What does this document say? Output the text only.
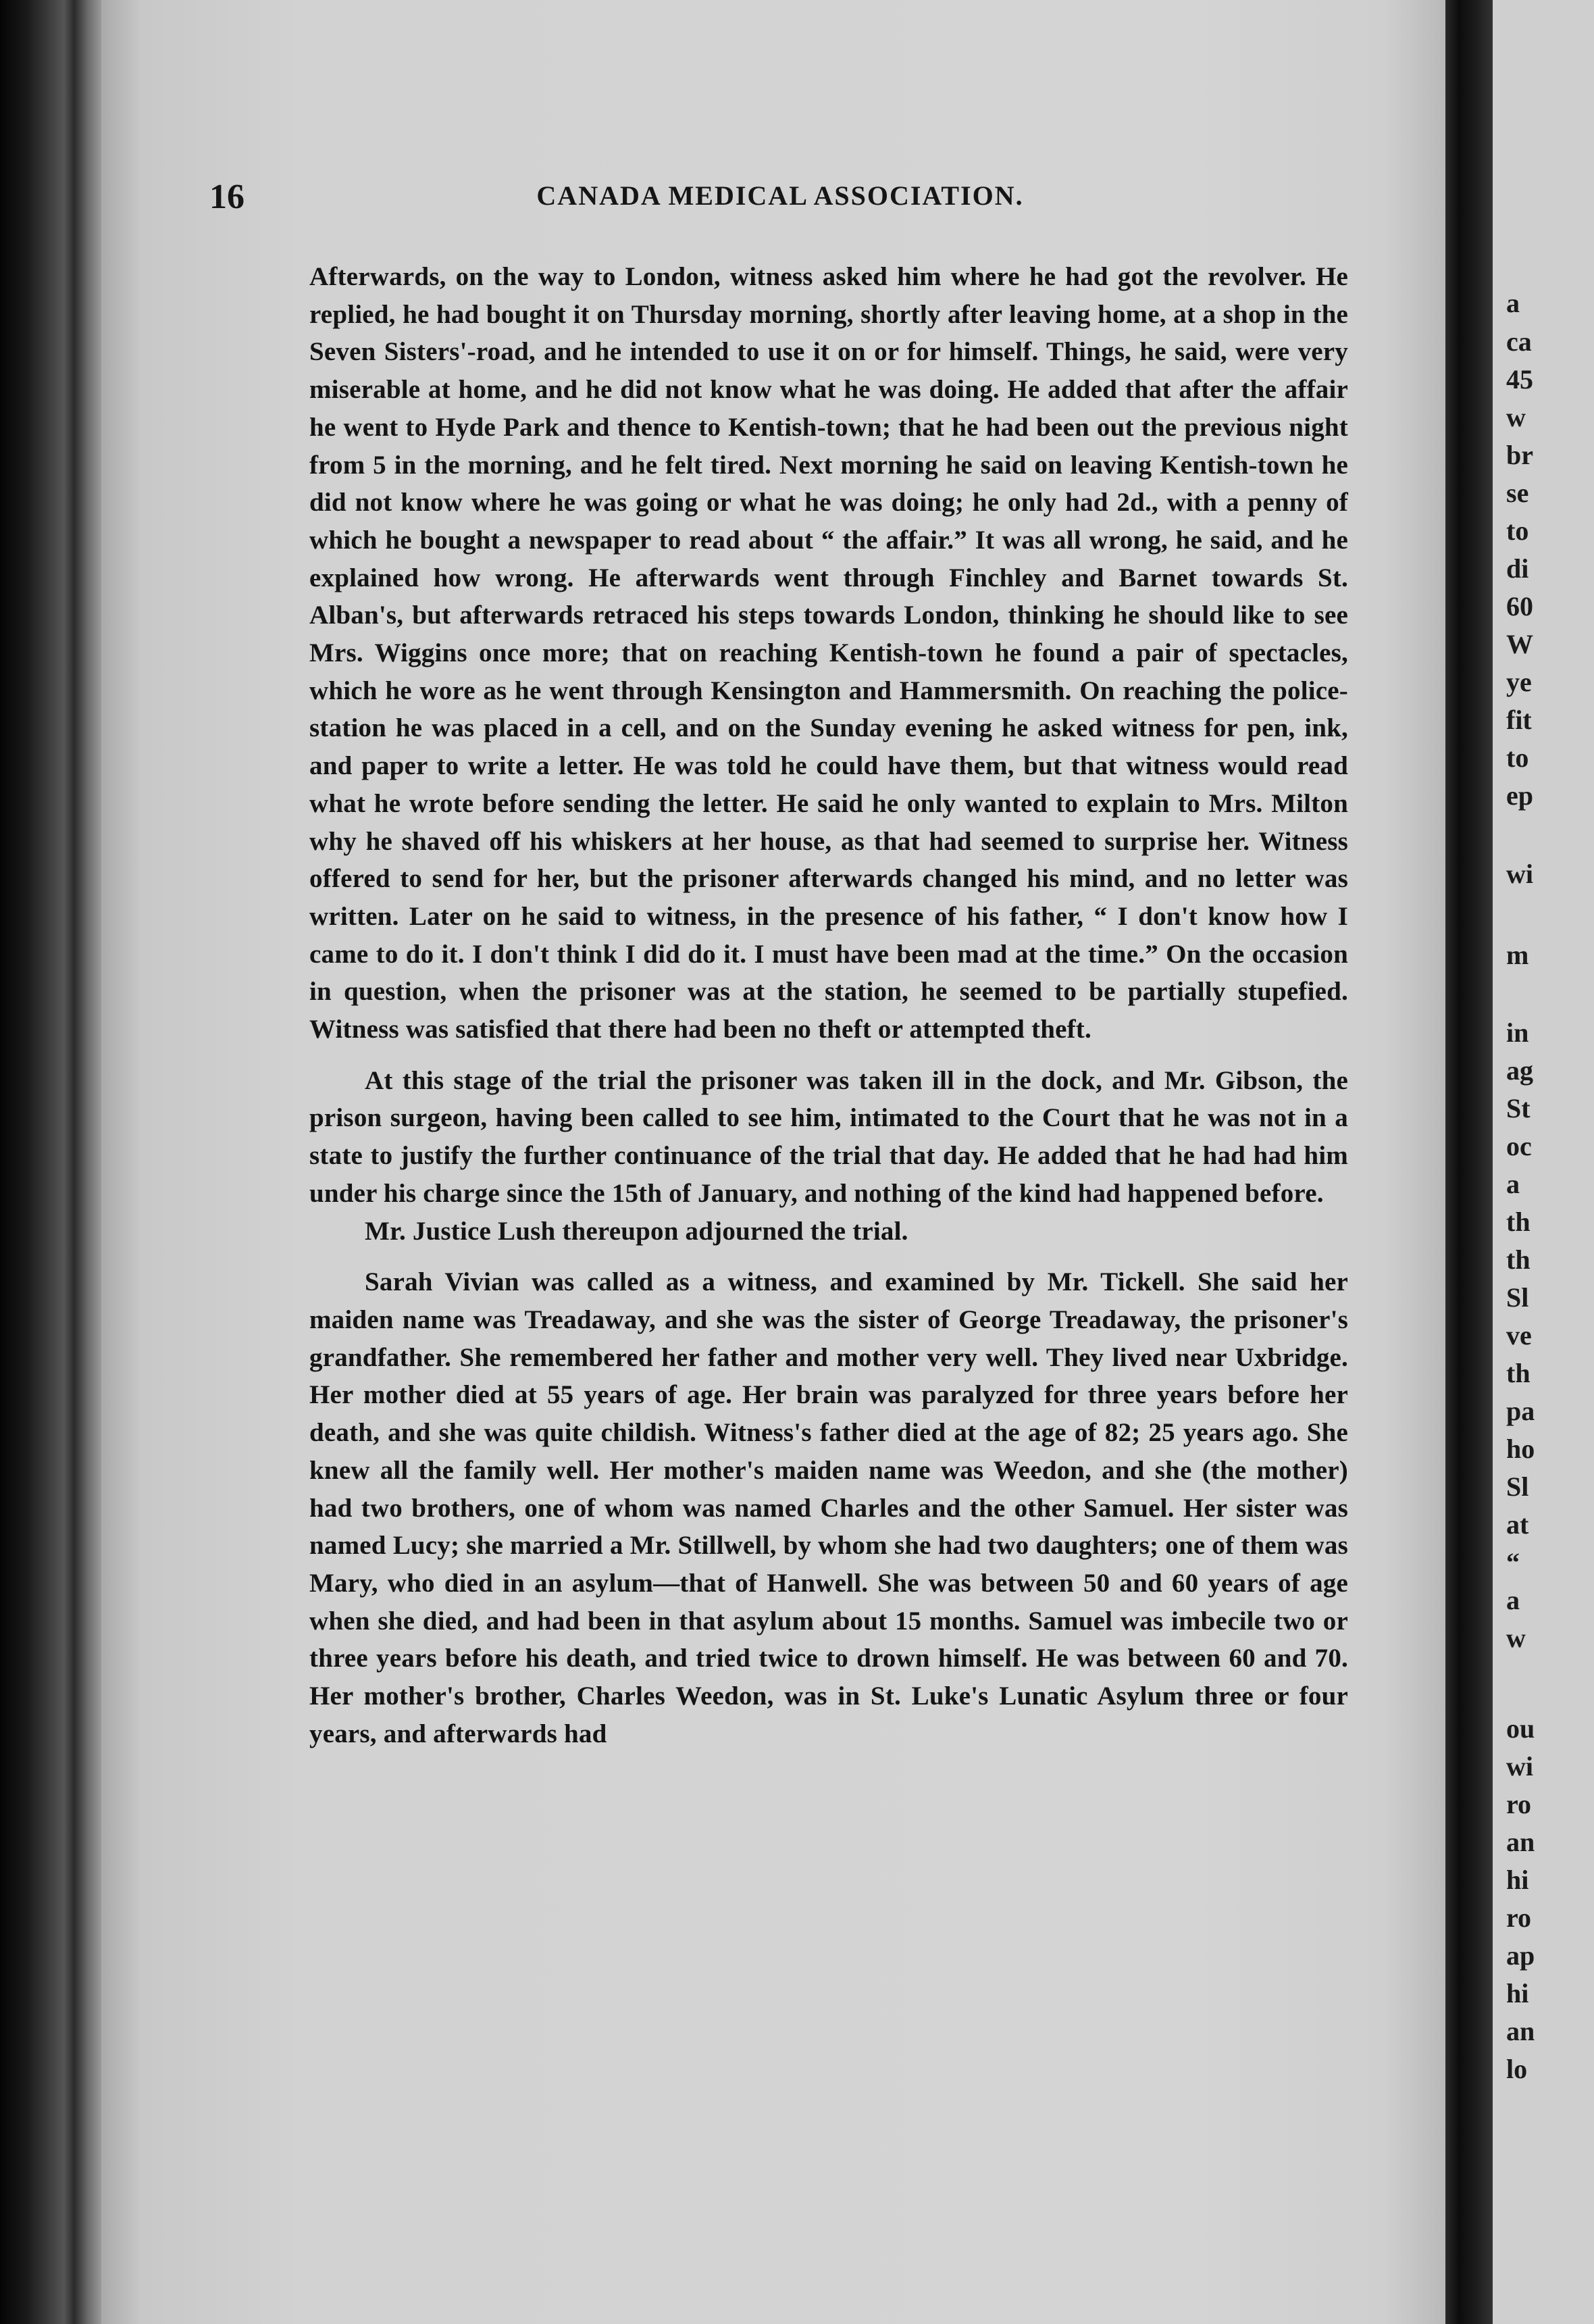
16	CANADA MEDICAL ASSOCIATION.

Afterwards, on the way to London, witness asked him where he had got the revolver. He replied, he had bought it on Thursday morning, shortly after leaving home, at a shop in the Seven Sisters'-road, and he intended to use it on or for himself. Things, he said, were very miserable at home, and he did not know what he was doing. He added that after the affair he went to Hyde Park and thence to Kentish-town; that he had been out the previous night from 5 in the morning, and he felt tired. Next morning he said on leaving Kentish-town he did not know where he was going or what he was doing; he only had 2d., with a penny of which he bought a newspaper to read about “ the affair.” It was all wrong, he said, and he explained how wrong. He afterwards went through Finchley and Barnet towards St. Alban's, but afterwards retraced his steps towards London, thinking he should like to see Mrs. Wiggins once more; that on reaching Kentish-town he found a pair of spectacles, which he wore as he went through Kensington and Hammersmith. On reaching the police-station he was placed in a cell, and on the Sunday evening he asked witness for pen, ink, and paper to write a letter. He was told he could have them, but that witness would read what he wrote before sending the letter. He said he only wanted to explain to Mrs. Milton why he shaved off his whiskers at her house, as that had seemed to surprise her. Witness offered to send for her, but the prisoner afterwards changed his mind, and no letter was written. Later on he said to witness, in the presence of his father, “ I don't know how I came to do it. I don't think I did do it. I must have been mad at the time.” On the occasion in question, when the prisoner was at the station, he seemed to be partially stupefied. Witness was satisfied that there had been no theft or attempted theft.

At this stage of the trial the prisoner was taken ill in the dock, and Mr. Gibson, the prison surgeon, having been called to see him, intimated to the Court that he was not in a state to justify the further continuance of the trial that day. He added that he had had him under his charge since the 15th of January, and nothing of the kind had happened before.

Mr. Justice Lush thereupon adjourned the trial.

Sarah Vivian was called as a witness, and examined by Mr. Tickell. She said her maiden name was Treadaway, and she was the sister of George Treadaway, the prisoner's grandfather. She remembered her father and mother very well. They lived near Uxbridge. Her mother died at 55 years of age. Her brain was paralyzed for three years before her death, and she was quite childish. Witness's father died at the age of 82; 25 years ago. She knew all the family well. Her mother's maiden name was Weedon, and she (the mother) had two brothers, one of whom was named Charles and the other Samuel. Her sister was named Lucy; she married a Mr. Stillwell, by whom she had two daughters; one of them was Mary, who died in an asylum—that of Hanwell. She was between 50 and 60 years of age when she died, and had been in that asylum about 15 months. Samuel was imbecile two or three years before his death, and tried twice to drown himself. He was between 60 and 70. Her mother's brother, Charles Weedon, was in St. Luke's Lunatic Asylum three or four years, and afterwards had

a
ca
45
w
br
se
to
di
60
W
ye
fit
to
ep
wi
m
in
ag
St
oc
a
th
th
Sl
ve
th
pa
ho
Sl
at
“
a
w
ou
wi
ro
an
hi
ro
ap
hi
an
lo
